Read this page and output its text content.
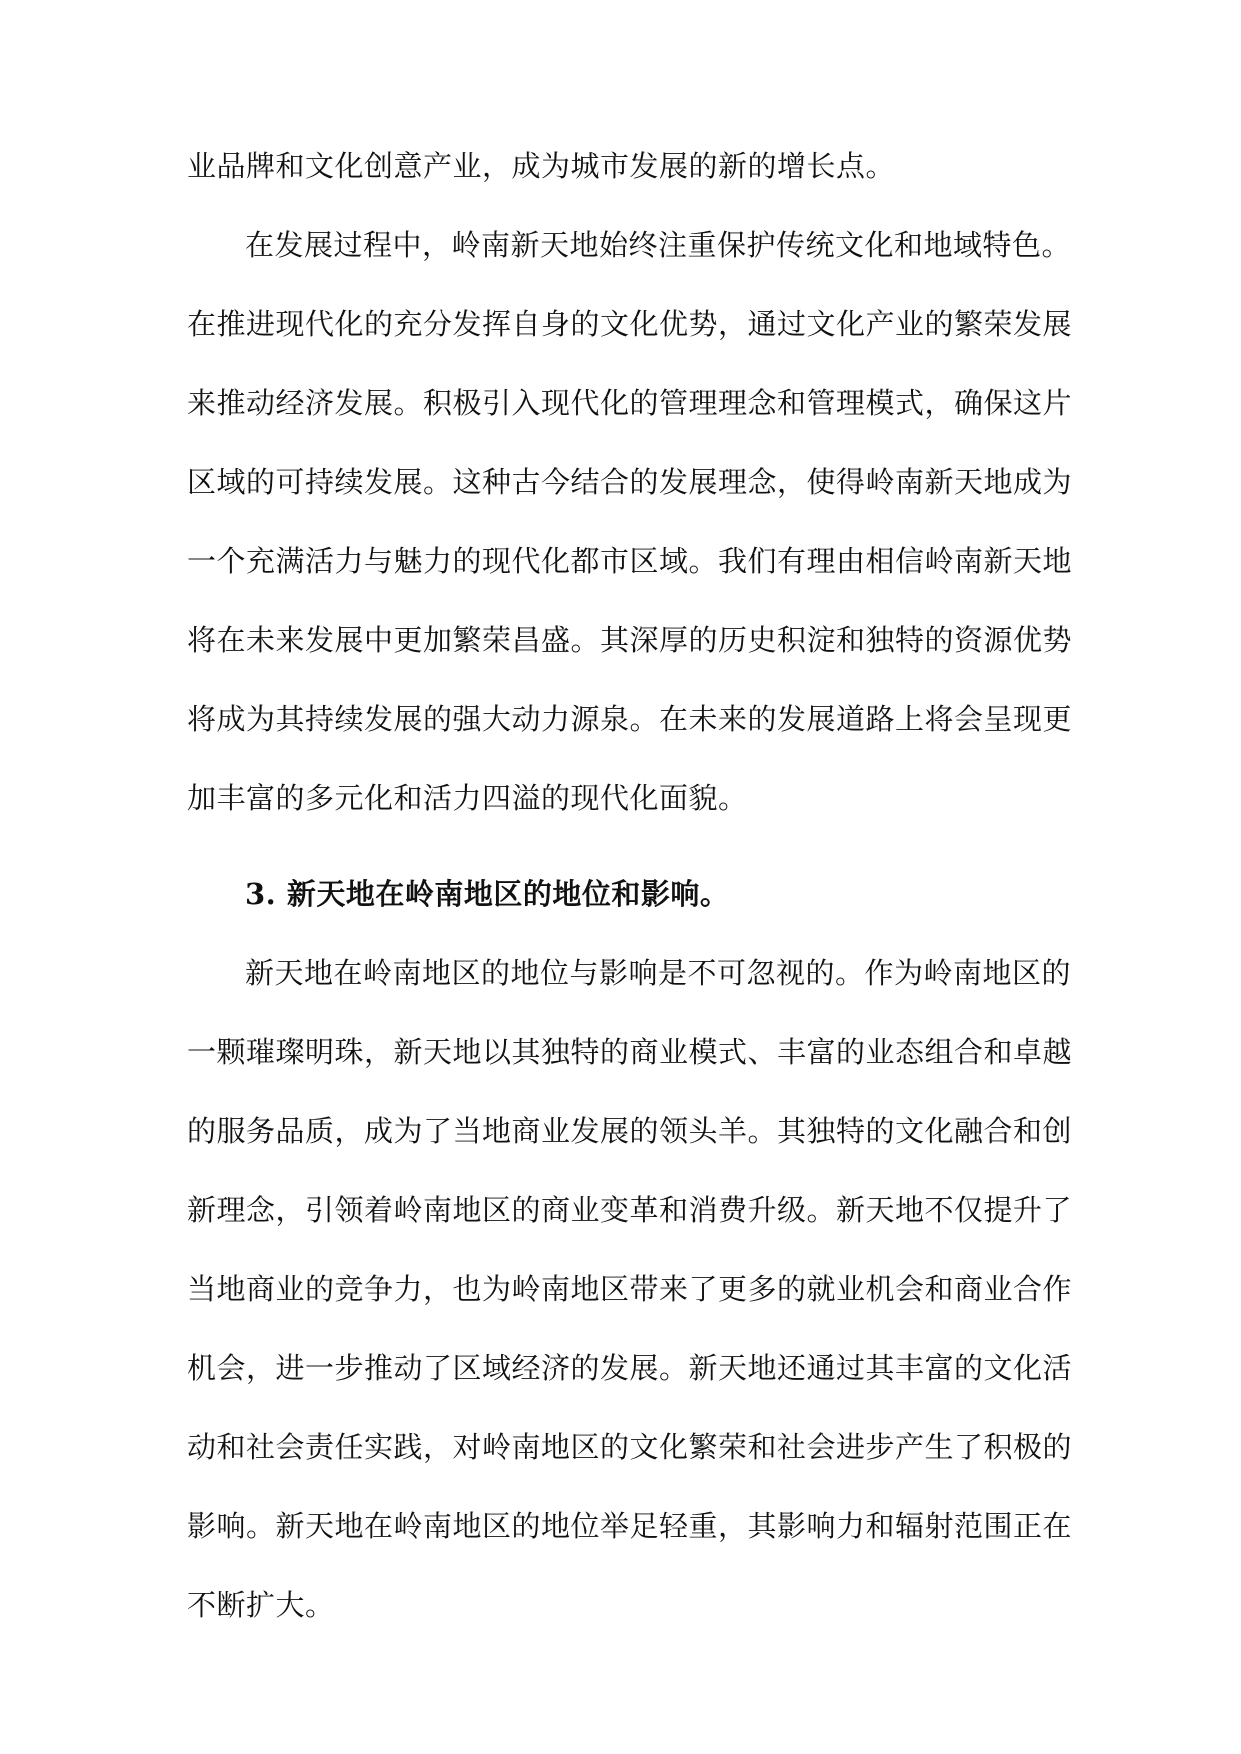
业品牌和文化创意产业，成为城市发展的新的增长点。
在发展过程中，岭南新天地始终注重保护传统文化和地域特色。
在推进现代化的充分发挥自身的文化优势，通过文化产业的繁荣发展
来推动经济发展。积极引入现代化的管理理念和管理模式，确保这片
区域的可持续发展。这种古今结合的发展理念，使得岭南新天地成为
一个充满活力与魅力的现代化都市区域。我们有理由相信岭南新天地
将在未来发展中更加繁荣昌盛。其深厚的历史积淀和独特的资源优势
将成为其持续发展的强大动力源泉。在未来的发展道路上将会呈现更
加丰富的多元化和活力四溢的现代化面貌。
3. 新天地在岭南地区的地位和影响。
新天地在岭南地区的地位与影响是不可忽视的。作为岭南地区的
一颗璀璨明珠，新天地以其独特的商业模式、丰富的业态组合和卓越
的服务品质，成为了当地商业发展的领头羊。其独特的文化融合和创
新理念，引领着岭南地区的商业变革和消费升级。新天地不仅提升了
当地商业的竞争力，也为岭南地区带来了更多的就业机会和商业合作
机会，进一步推动了区域经济的发展。新天地还通过其丰富的文化活
动和社会责任实践，对岭南地区的文化繁荣和社会进步产生了积极的
影响。新天地在岭南地区的地位举足轻重，其影响力和辐射范围正在
不断扩大。
